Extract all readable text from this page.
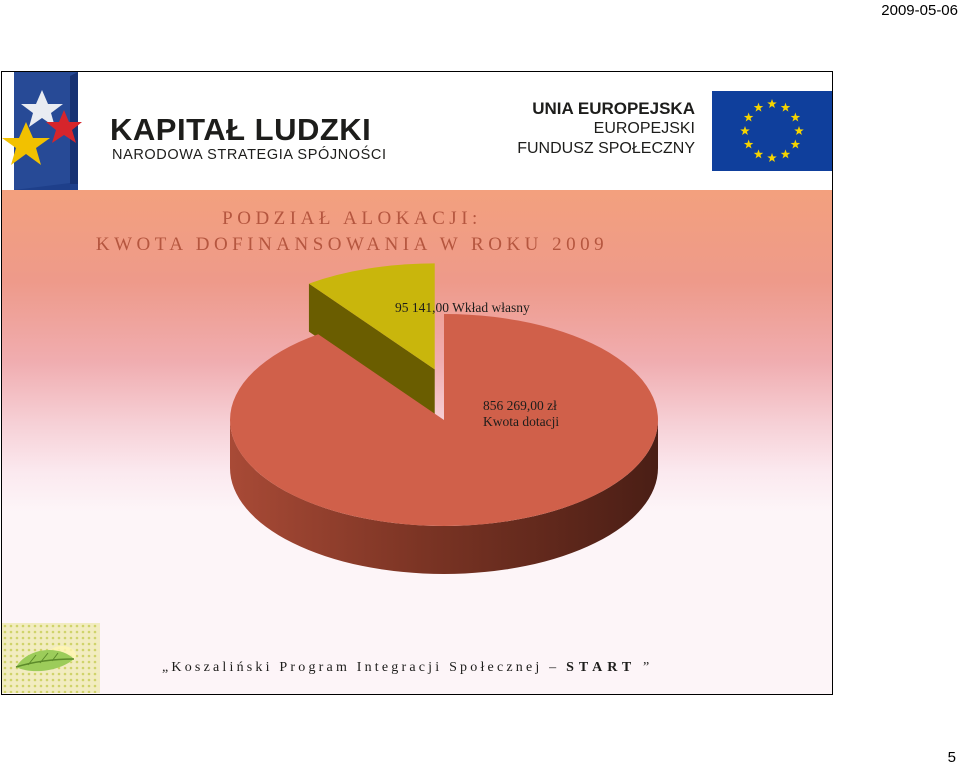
2009-05-06
KAPITAŁ LUDZKI
NARODOWA STRATEGIA SPÓJNOŚCI
UNIA EUROPEJSKA
EUROPEJSKI
FUNDUSZ SPOŁECZNY
PODZIAŁ ALOKACJI:
KWOTA DOFINANSOWANIA W ROKU 2009
95 141,00 Wkład własny
856 269,00 zł
Kwota dotacji
„Koszaliński Program Integracji Społecznej – START ”
5
